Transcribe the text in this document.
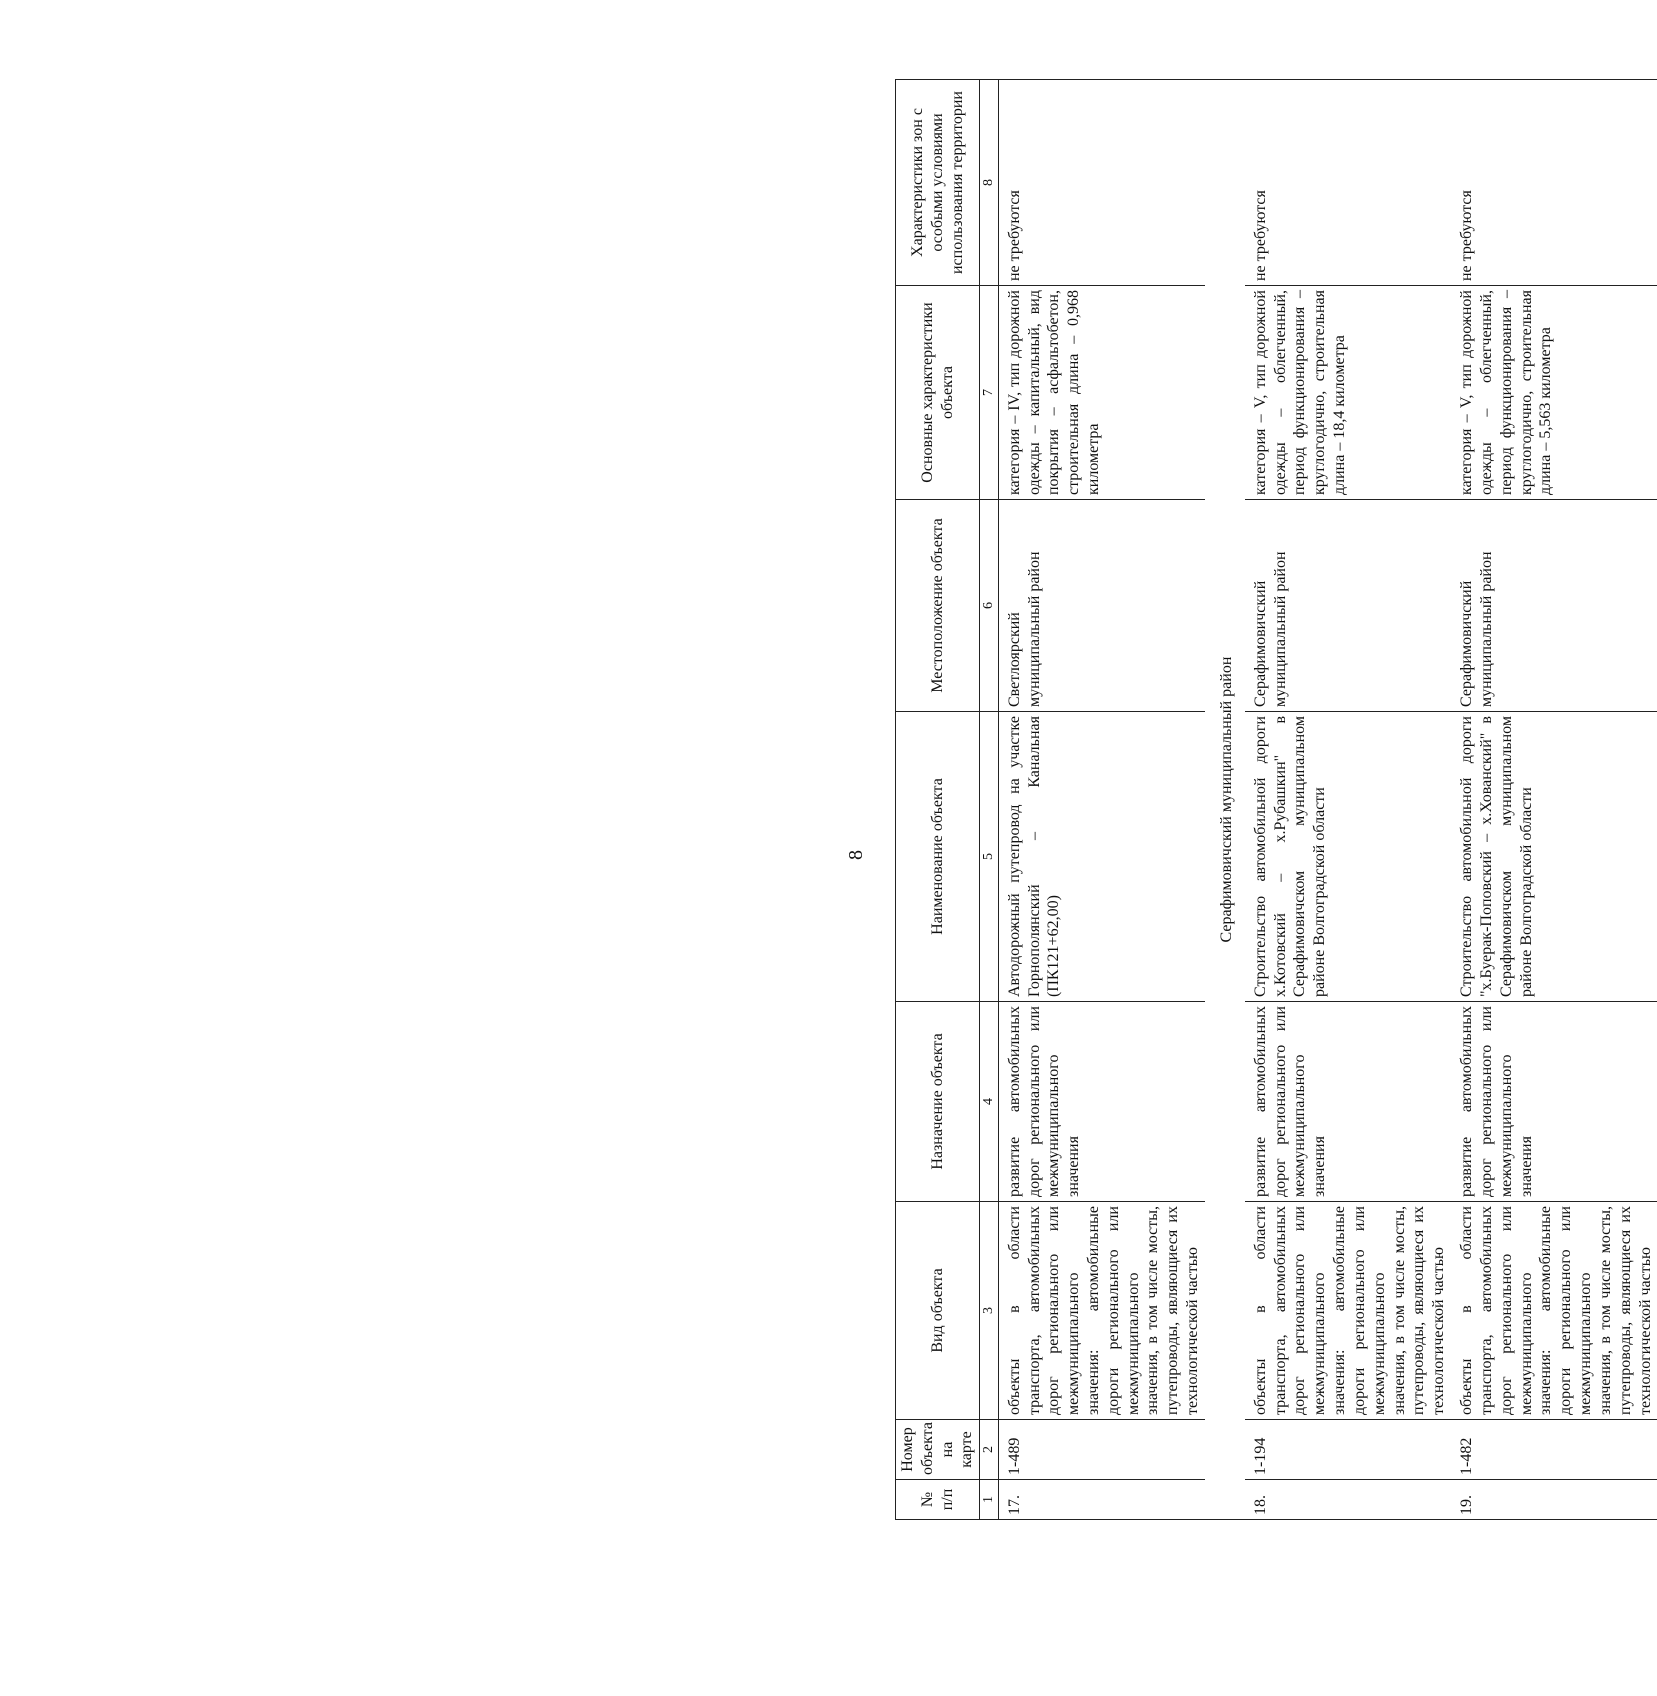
8
№ п/п	Номер объекта на карте	Вид объекта	Назначение объекта	Наименование объекта	Местоположение объекта	Основные характеристики объекта	Характеристики зон с особыми условиями использования территории
1	2	3	4	5	6	7	8
17.	1-489	объекты в области транспорта, автомобильных дорог регионального или межмуниципального значения: автомобильные дороги регионального или межмуниципального значения, в том числе мосты, путепроводы, являющиеся их технологической частью	развитие автомобильных дорог регионального или межмуниципального значения	Автодорожный путепровод на участке Горнополянский – Канальная (ПК121+62,00)	Светлоярский муниципальный район	категория – IV, тип дорожной одежды – капитальный, вид покрытия – асфальтобетон, строительная длина – 0,968 километра	не требуются
Серафимовичский муниципальный район							
18.	1-194	объекты в области транспорта, автомобильных дорог регионального или межмуниципального значения: автомобильные дороги регионального или межмуниципального значения, в том числе мосты, путепроводы, являющиеся их технологической частью	развитие автомобильных дорог регионального или межмуниципального значения	Строительство автомобильной дороги х.Котовский – х.Рубашкин" в Серафимовичском муниципальном районе Волгоградской области	Серафимовичский муниципальный район	категория – V, тип дорожной одежды – облегченный, период функционирования – круглогодично, строительная длина – 18,4 километра	не требуются
19.	1-482	объекты в области транспорта, автомобильных дорог регионального или межмуниципального значения: автомобильные дороги регионального или межмуниципального значения, в том числе мосты, путепроводы, являющиеся их технологической частью	развитие автомобильных дорог регионального или межмуниципального значения	Строительство автомобильной дороги "х.Буерак-Поповский – х.Хованский" в Серафимовичском муниципальном районе Волгоградской области	Серафимовичский муниципальный район	категория – V, тип дорожной одежды – облегченный, период функционирования – круглогодично, строительная длина – 5,563 километра	не требуются
